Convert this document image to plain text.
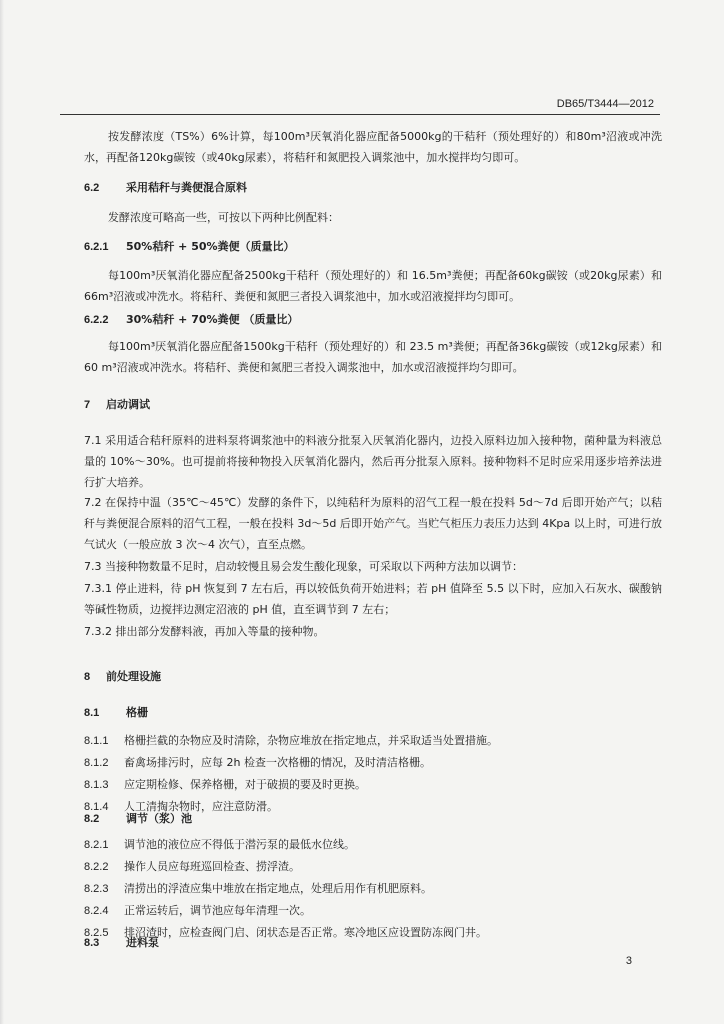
DB65/T3444—2012
按发酵浓度（TS%）6%计算，每100m³厌氧消化器应配备5000kg的干秸秆（预处理好的）和80m³沼液或冲洗水，再配备120kg碳铵（或40kg尿素），将秸秆和氮肥投入调浆池中，加水搅拌均匀即可。
6.2 采用秸秆与粪便混合原料
发酵浓度可略高一些，可按以下两种比例配料：
6.2.1 50%秸秆 + 50%粪便（质量比）
每100m³厌氧消化器应配备2500kg干秸秆（预处理好的）和 16.5m³粪便；再配备60kg碳铵（或20kg尿素）和66m³沼液或冲洗水。将秸秆、粪便和氮肥三者投入调浆池中，加水或沼液搅拌均匀即可。
6.2.2 30%秸秆 + 70%粪便 （质量比）
每100m³厌氧消化器应配备1500kg干秸秆（预处理好的）和 23.5 m³粪便；再配备36kg碳铵（或12kg尿素）和60 m³沼液或冲洗水。将秸秆、粪便和氮肥三者投入调浆池中，加水或沼液搅拌均匀即可。
7 启动调试
7.1 采用适合秸秆原料的进料泵将调浆池中的料液分批泵入厌氧消化器内，边投入原料边加入接种物，菌种量为料液总量的 10%～30%。也可提前将接种物投入厌氧消化器内，然后再分批泵入原料。接种物料不足时应采用逐步培养法进行扩大培养。
7.2 在保持中温（35℃～45℃）发酵的条件下，以纯秸秆为原料的沼气工程一般在投料 5d～7d 后即开始产气；以秸秆与粪便混合原料的沼气工程，一般在投料 3d～5d 后即开始产气。当贮气柜压力表压力达到 4Kpa 以上时，可进行放气试火（一般应放 3 次～4 次气），直至点燃。
7.3 当接种物数量不足时，启动较慢且易会发生酸化现象，可采取以下两种方法加以调节：
7.3.1 停止进料，待 pH 恢复到 7 左右后，再以较低负荷开始进料；若 pH 值降至 5.5 以下时，应加入石灰水、碳酸钠等碱性物质，边搅拌边测定沼液的 pH 值，直至调节到 7 左右；
7.3.2 排出部分发酵料液，再加入等量的接种物。
8 前处理设施
8.1 格栅
8.1.1 格栅拦截的杂物应及时清除，杂物应堆放在指定地点，并采取适当处置措施。
8.1.2 畜禽场排污时，应每 2h 检查一次格栅的情况，及时清洁格栅。
8.1.3 应定期检修、保养格栅，对于破损的要及时更换。
8.1.4 人工清掏杂物时，应注意防滑。
8.2 调节（浆）池
8.2.1 调节池的液位应不得低于潜污泵的最低水位线。
8.2.2 操作人员应每班巡回检查、捞浮渣。
8.2.3 清捞出的浮渣应集中堆放在指定地点，处理后用作有机肥原料。
8.2.4 正常运转后，调节池应每年清理一次。
8.2.5 排沼渣时，应检查阀门启、闭状态是否正常。寒冷地区应设置防冻阀门井。
8.3 进料泵
3
